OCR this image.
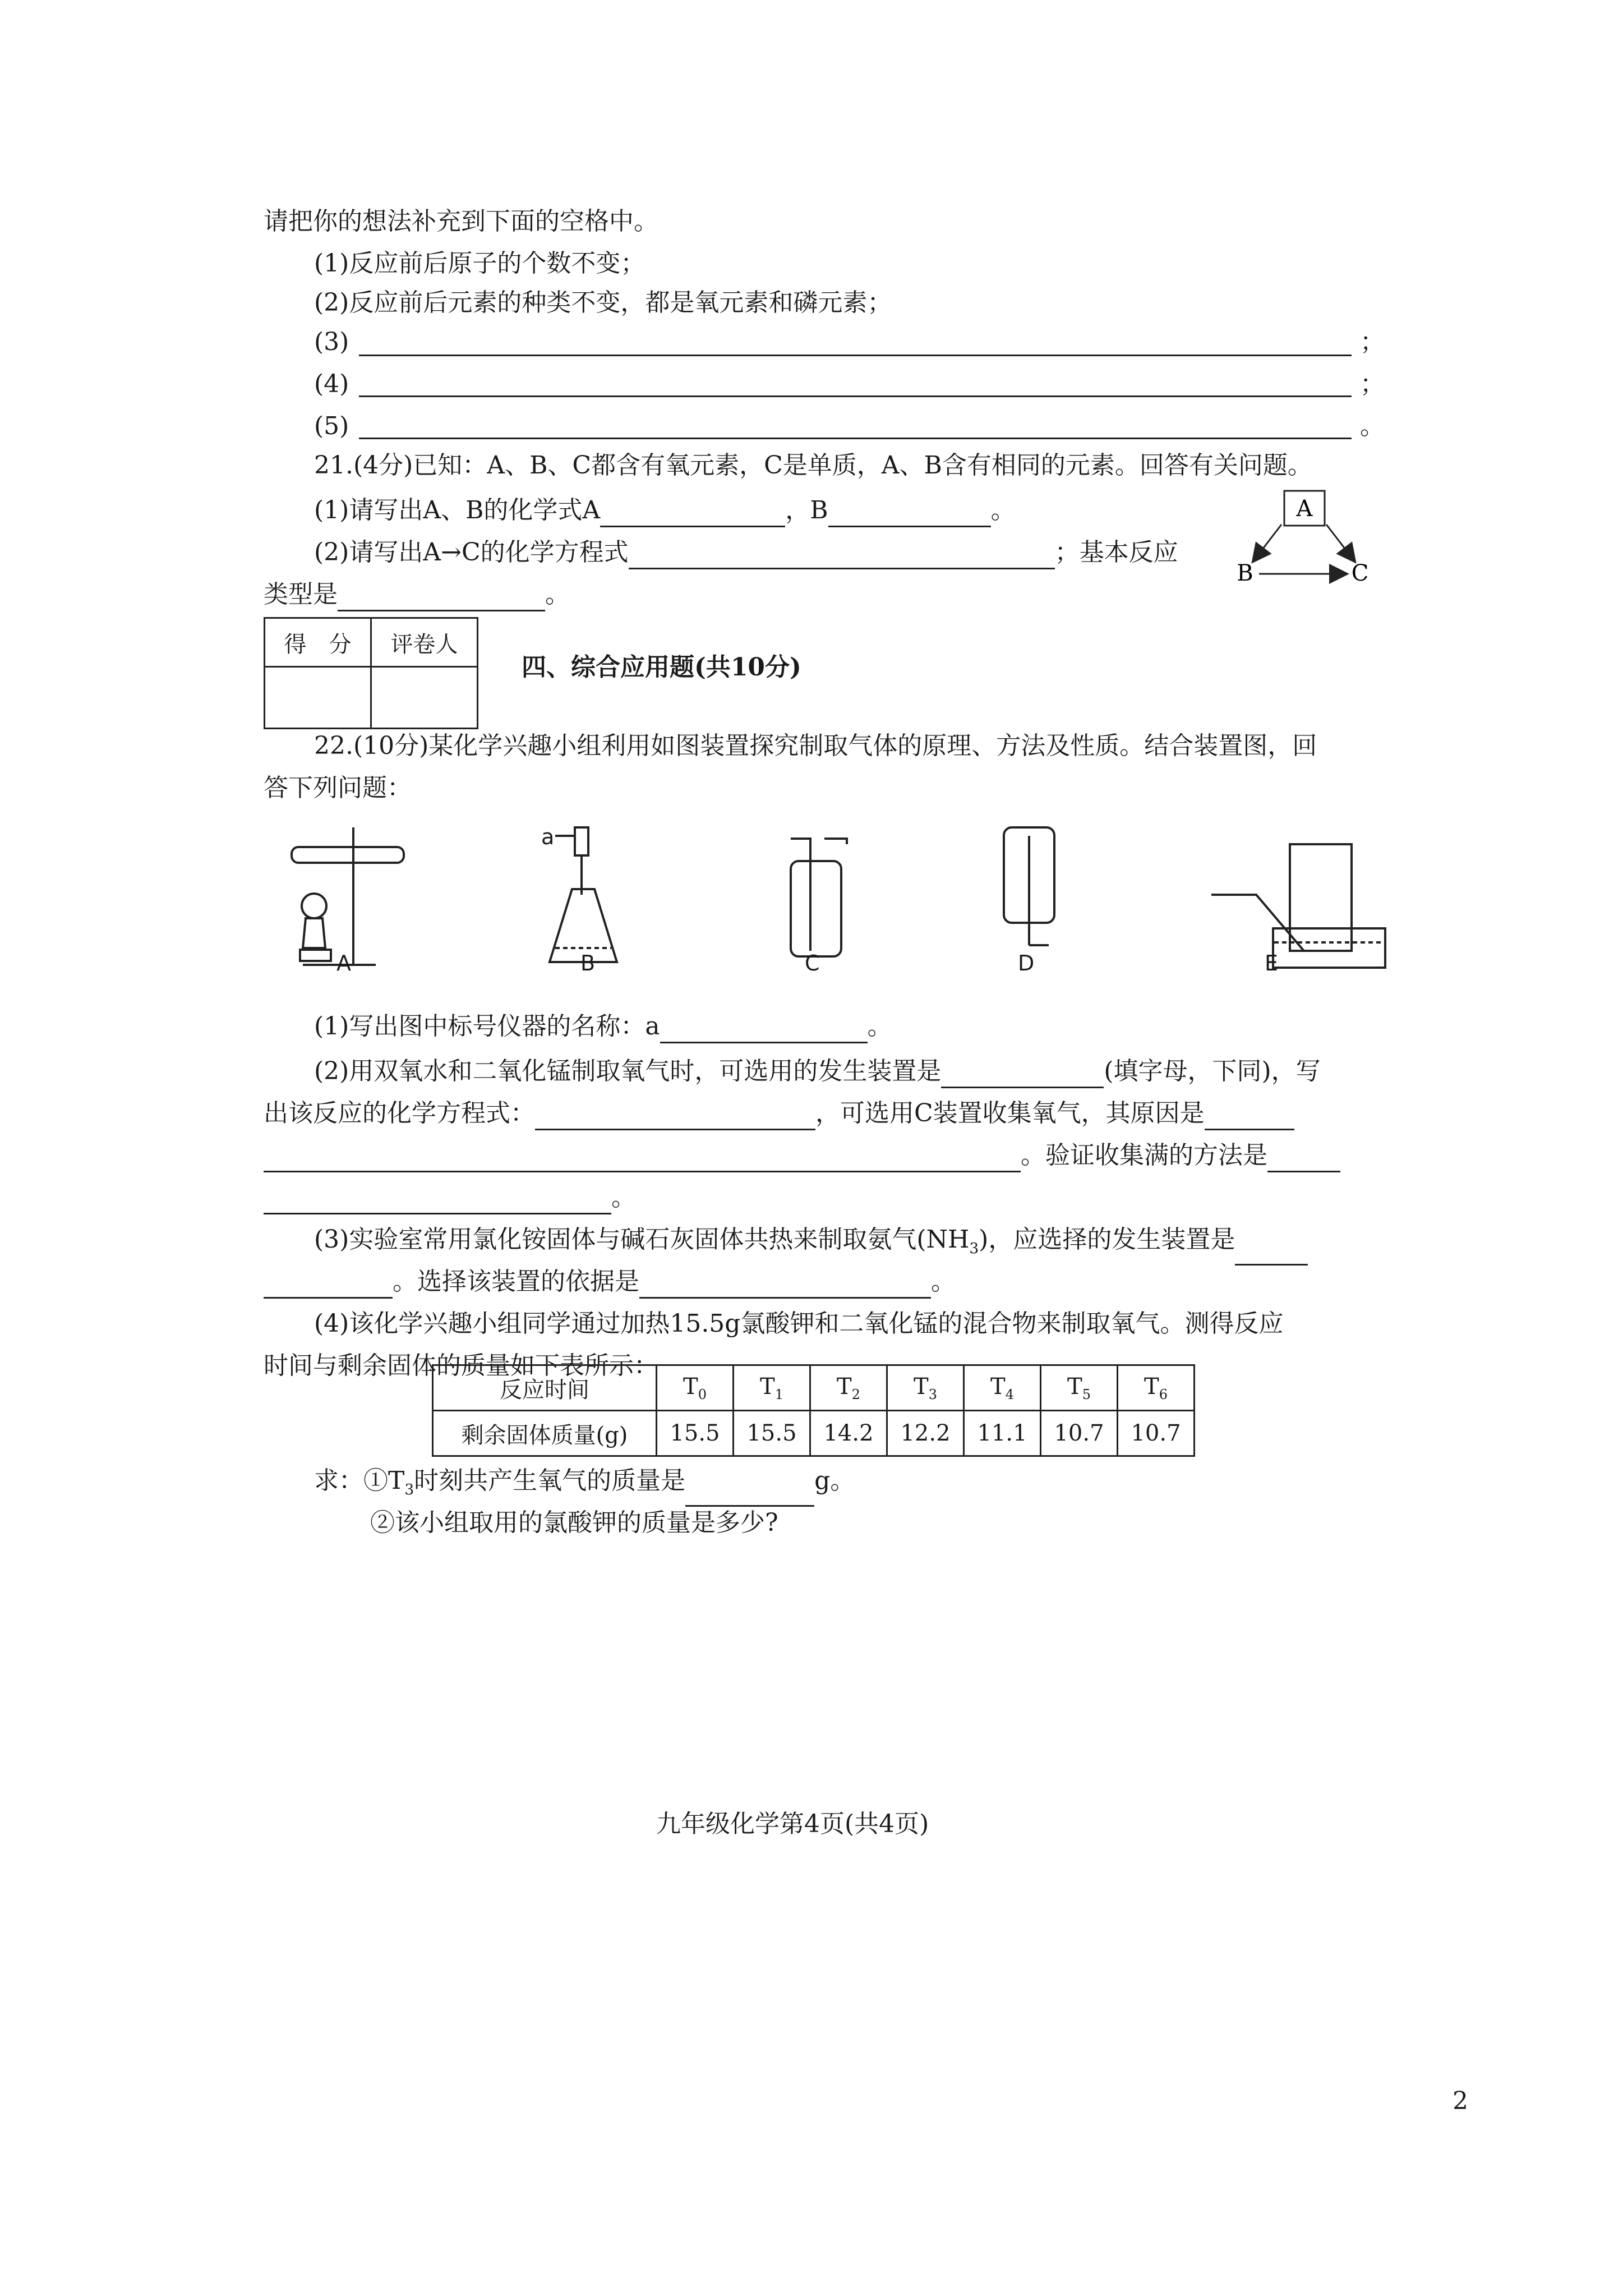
请把你的想法补充到下面的空格中。
(1)反应前后原子的个数不变；
(2)反应前后元素的种类不变，都是氧元素和磷元素；
(3)	；
(4)	；
(5)	。
21.(4分)已知：A、B、C都含有氧元素，C是单质，A、B含有相同的元素。回答有关问题。
(1)请写出A、B的化学式A	，B	。
(2)请写出A→C的化学方程式	；基本反应
类型是	。
A
B	C
得　分	评卷人

四、综合应用题(共10分)
22.(10分)某化学兴趣小组利用如图装置探究制取气体的原理、方法及性质。结合装置图，回
答下列问题：
a
A	B	C	D	E
(1)写出图中标号仪器的名称：a	。
(2)用双氧水和二氧化锰制取氧气时，可选用的发生装置是	(填字母，下同)，写
出该反应的化学方程式：	，可选用C装置收集氧气，其原因是
。验证收集满的方法是
。
(3)实验室常用氯化铵固体与碱石灰固体共热来制取氨气$(NH_3)$，应选择的发生装置是
。选择该装置的依据是	。
(4)该化学兴趣小组同学通过加热15.5g氯酸钾和二氧化锰的混合物来制取氧气。测得反应
时间与剩余固体的质量如下表所示：
反应时间	$T_0$	$T_1$	$T_2$	$T_3$	$T_4$	$T_5$	$T_6$
剩余固体质量(g)	15.5	15.5	14.2	12.2	11.1	10.7	10.7
求：$①T_3$时刻共产生氧气的质量是	g。
②该小组取用的氯酸钾的质量是多少?
九年级化学第4页(共4页)
2
